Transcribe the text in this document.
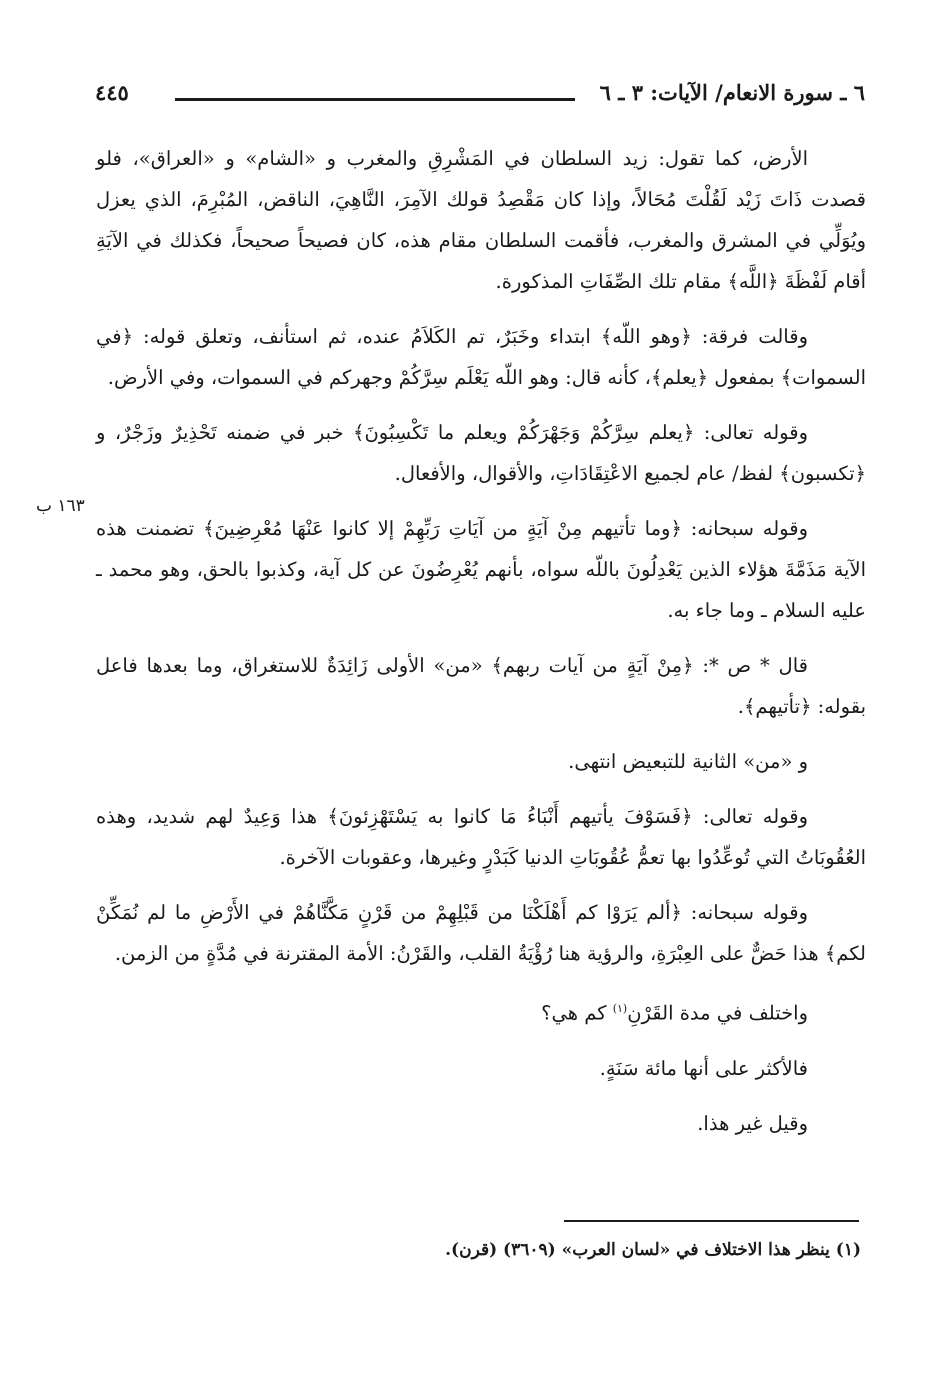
٦ ـ سورة الانعام/ الآيات: ٣ ـ ٦
٤٤٥
١٦٣ ب

الأرض، كما تقول: زيد السلطان في المَشْرِقِ والمغرب و «الشام» و «العراق»، فلو قصدت ذَاتَ زَيْد لَقُلْتَ مُحَالاً، وإذا كان مَقْصِدُ قولك الآمِرَ، النَّاهِيَ، الناقض، المُبْرِمَ، الذي يعزل ويُوَلِّي في المشرق والمغرب، فأقمت السلطان مقام هذه، كان فصيحاً صحيحاً، فكذلك في الآيَةِ أقام لَفْظَةَ ﴿اللَّه﴾ مقام تلك الصِّفَاتِ المذكورة.

وقالت فرقة: ﴿وهو اللّه﴾ ابتداء وخَبَرٌ، تم الكَلاَمُ عنده، ثم استأنف، وتعلق قوله: ﴿في السموات﴾ بمفعول ﴿يعلم﴾، كأنه قال: وهو اللّه يَعْلَم سِرَّكُمْ وجهركم في السموات، وفي الأرض.

وقوله تعالى: ﴿يعلم سِرَّكُمْ وَجَهْرَكُمْ ويعلم ما تَكْسِبُونَ﴾ خبر في ضمنه تَحْذِيرٌ وزَجْرٌ، و ﴿تكسبون﴾ لفظ/ عام لجميع الاعْتِقَادَاتِ، والأقوال، والأفعال.

وقوله سبحانه: ﴿وما تأتيهم مِنْ آيَةٍ من آيَاتِ رَبِّهِمْ إلا كانوا عَنْهَا مُعْرِضِينَ﴾ تضمنت هذه الآية مَذَمَّةَ هؤلاء الذين يَعْدِلُونَ باللّه سواه، بأنهم يُعْرِضُونَ عن كل آية، وكذبوا بالحق، وهو محمد ـ عليه السلام ـ وما جاء به.

قال * ص *: ﴿مِنْ آيَةٍ من آيات ربهم﴾ «من» الأولى زَائِدَةٌ للاستغراق، وما بعدها فاعل بقوله: ﴿تأتيهم﴾.

و «من» الثانية للتبعيض انتهى.

وقوله تعالى: ﴿فَسَوْفَ يأتيهم أَنْبَاءُ مَا كانوا به يَسْتَهْزِئونَ﴾ هذا وَعِيدٌ لهم شديد، وهذه العُقُوبَاتُ التي تُوعِّدُوا بها تعمُّ عُقُوبَاتِ الدنيا كَبَدْرٍ وغيرها، وعقوبات الآخرة.

وقوله سبحانه: ﴿ألم يَرَوْا كم أَهْلَكْنَا من قَبْلِهِمْ من قَرْنٍ مَكَّنَّاهُمْ في الأَرْضِ ما لم نُمَكِّنْ لكم﴾ هذا حَضٌّ على العِبْرَةِ، والرؤية هنا رُؤْيَةُ القلب، والقَرْنُ: الأمة المقترنة في مُدَّةٍ من الزمن.

واختلف في مدة القَرْنِ$^{(١)}$ كم هي؟

فالأكثر على أنها مائة سَنَةٍ.

وقيل غير هذا.

(١) ينظر هذا الاختلاف في «لسان العرب» (٣٦٠٩) (قرن).
